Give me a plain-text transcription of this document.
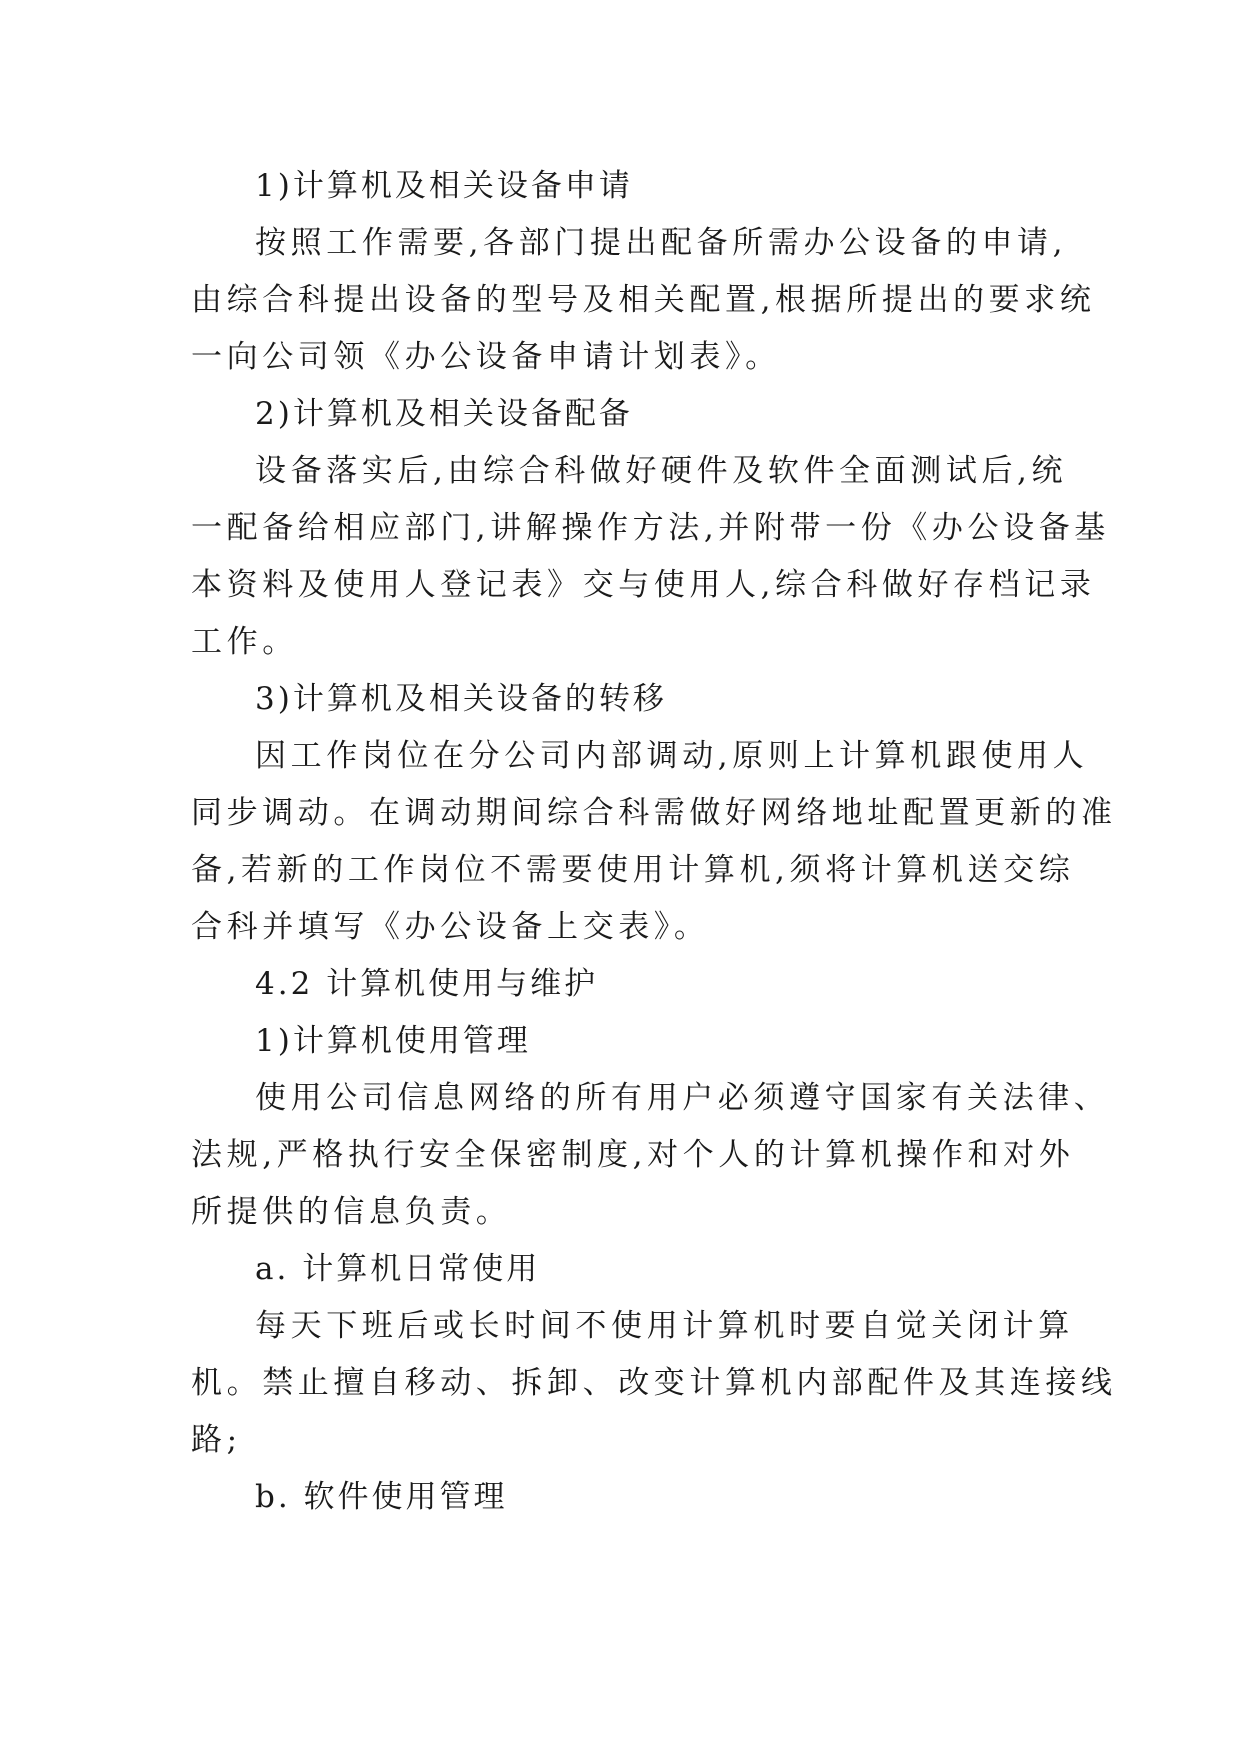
1)计算机及相关设备申请
按照工作需要,各部门提出配备所需办公设备的申请,
由综合科提出设备的型号及相关配置,根据所提出的要求统
一向公司领《办公设备申请计划表》。
2)计算机及相关设备配备
设备落实后,由综合科做好硬件及软件全面测试后,统
一配备给相应部门,讲解操作方法,并附带一份《办公设备基
本资料及使用人登记表》交与使用人,综合科做好存档记录
工作。
3)计算机及相关设备的转移
因工作岗位在分公司内部调动,原则上计算机跟使用人
同步调动。在调动期间综合科需做好网络地址配置更新的准
备,若新的工作岗位不需要使用计算机,须将计算机送交综
合科并填写《办公设备上交表》。
4.2 计算机使用与维护
1)计算机使用管理
使用公司信息网络的所有用户必须遵守国家有关法律、
法规,严格执行安全保密制度,对个人的计算机操作和对外
所提供的信息负责。
a. 计算机日常使用
每天下班后或长时间不使用计算机时要自觉关闭计算
机。禁止擅自移动、拆卸、改变计算机内部配件及其连接线
路;
b. 软件使用管理
